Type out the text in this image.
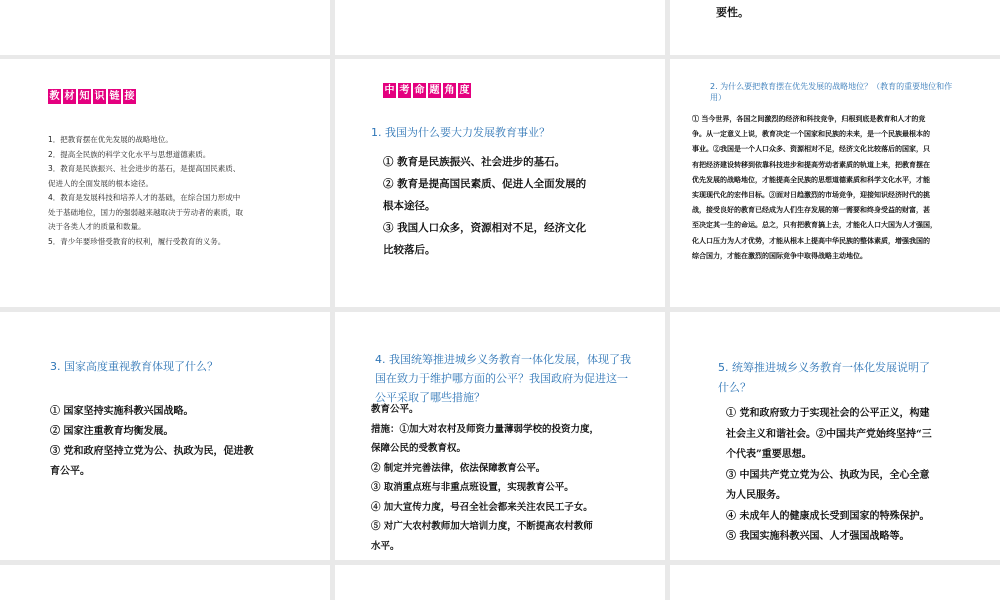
要性。
教 材 知 识 链 接
1．把教育摆在优先发展的战略地位。
2．提高全民族的科学文化水平与思想道德素质。
3．教育是民族振兴、社会进步的基石，是提高国民素质、
促进人的全面发展的根本途径。
4．教育是发展科技和培养人才的基础，在综合国力形成中
处于基础地位，国力的强弱越来越取决于劳动者的素质，取
决于各类人才的质量和数量。
5．青少年要珍惜受教育的权利，履行受教育的义务。
中 考 命 题 角 度
1. 我国为什么要大力发展教育事业？
① 教育是民族振兴、社会进步的基石。
② 教育是提高国民素质、促进人全面发展的
根本途径。
③ 我国人口众多，资源相对不足，经济文化
比较落后。
2. 为什么要把教育摆在优先发展的战略地位？（教育的重要地位和作
用）
① 当今世界，各国之间激烈的经济和科技竞争，归根到底是教育和人才的竞
争。从一定意义上说，教育决定一个国家和民族的未来，是一个民族最根本的
事业。②我国是一个人口众多、资源相对不足，经济文化比较落后的国家，只
有把经济建设转移到依靠科技进步和提高劳动者素质的轨道上来，把教育摆在
优先发展的战略地位，才能提高全民族的思想道德素质和科学文化水平，才能
实现现代化的宏伟目标。③面对日趋激烈的市场竞争，迎接知识经济时代的挑
战，接受良好的教育已经成为人们生存发展的第一需要和终身受益的财富，甚
至决定其一生的命运。总之，只有把教育搞上去，才能化人口大国为人才强国，
化人口压力为人才优势，才能从根本上提高中华民族的整体素质，增强我国的
综合国力，才能在激烈的国际竞争中取得战略主动地位。
3. 国家高度重视教育体现了什么？
① 国家坚持实施科教兴国战略。
② 国家注重教育均衡发展。
③ 党和政府坚持立党为公、执政为民，促进教
育公平。
4. 我国统筹推进城乡义务教育一体化发展，体现了我
国在致力于维护哪方面的公平？我国政府为促进这一
公平采取了哪些措施？
教育公平。
措施：①加大对农村及师资力量薄弱学校的投资力度，
保障公民的受教育权。
② 制定并完善法律，依法保障教育公平。
③ 取消重点班与非重点班设置，实现教育公平。
④ 加大宣传力度，号召全社会都来关注农民工子女。
⑤ 对广大农村教师加大培训力度，不断提高农村教师
水平。
5. 统筹推进城乡义务教育一体化发展说明了
什么？
① 党和政府致力于实现社会的公平正义，构建
社会主义和谐社会。②中国共产党始终坚持“三
个代表”重要思想。
③ 中国共产党立党为公、执政为民，全心全意
为人民服务。
④ 未成年人的健康成长受到国家的特殊保护。
⑤ 我国实施科教兴国、人才强国战略等。
